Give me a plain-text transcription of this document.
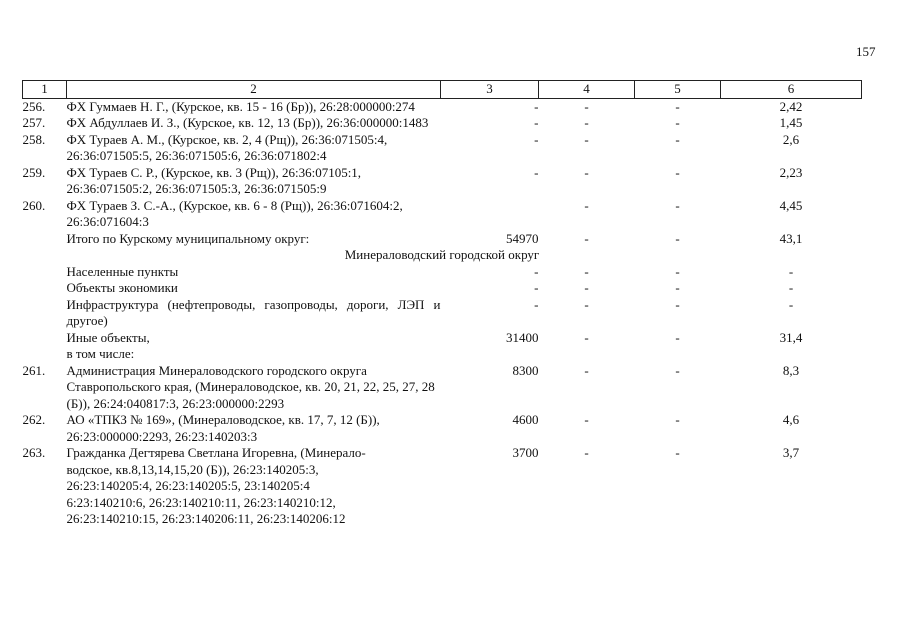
157
1	2	3	4	5	6
256.	ФХ Гуммаев Н. Г., (Курское, кв. 15 - 16 (Бр)), 26:28:000000:274	-	-	-	2,42
257.	ФХ Абдуллаев И. З., (Курское, кв. 12, 13 (Бр)), 26:36:000000:1483	-	-	-	1,45
258.	ФХ Тураев А. М., (Курское, кв. 2, 4 (Рщ)), 26:36:071505:4, 26:36:071505:5, 26:36:071505:6, 26:36:071802:4	-	-	-	2,6
259.	ФХ Тураев С. Р., (Курское, кв. 3 (Рщ)), 26:36:07105:1, 26:36:071505:2, 26:36:071505:3, 26:36:071505:9	-	-	-	2,23
260.	ФХ Тураев З. С.-А., (Курское, кв. 6 - 8 (Рщ)), 26:36:071604:2, 26:36:071604:3		-	-	4,45
	Итого по Курскому муниципальному округ:	54970	-	-	43,1
Минераловодский городской округ					
	Населенные пункты	-	-	-	-
	Объекты экономики	-	-	-	-
	Инфраструктура (нефтепроводы, газопроводы, дороги, ЛЭП и другое)	-	-	-	-
	Иные объекты,
в том числе:	31400	-	-	31,4
261.	Администрация Минераловодского городского округа Ставропольского края, (Минераловодское, кв. 20, 21, 22, 25, 27, 28 (Б)), 26:24:040817:3, 26:23:000000:2293	8300	-	-	8,3
262.	АО «ТПКЗ № 169», (Минераловодское, кв. 17, 7, 12 (Б)), 26:23:000000:2293, 26:23:140203:3	4600	-	-	4,6
263.	Гражданка Дегтярева Светлана Игоревна, (Минерало-
водское, кв.8,13,14,15,20 (Б)), 26:23:140205:3,
26:23:140205:4, 26:23:140205:5, 23:140205:4
6:23:140210:6, 26:23:140210:11, 26:23:140210:12,
26:23:140210:15, 26:23:140206:11, 26:23:140206:12	3700	-	-	3,7
